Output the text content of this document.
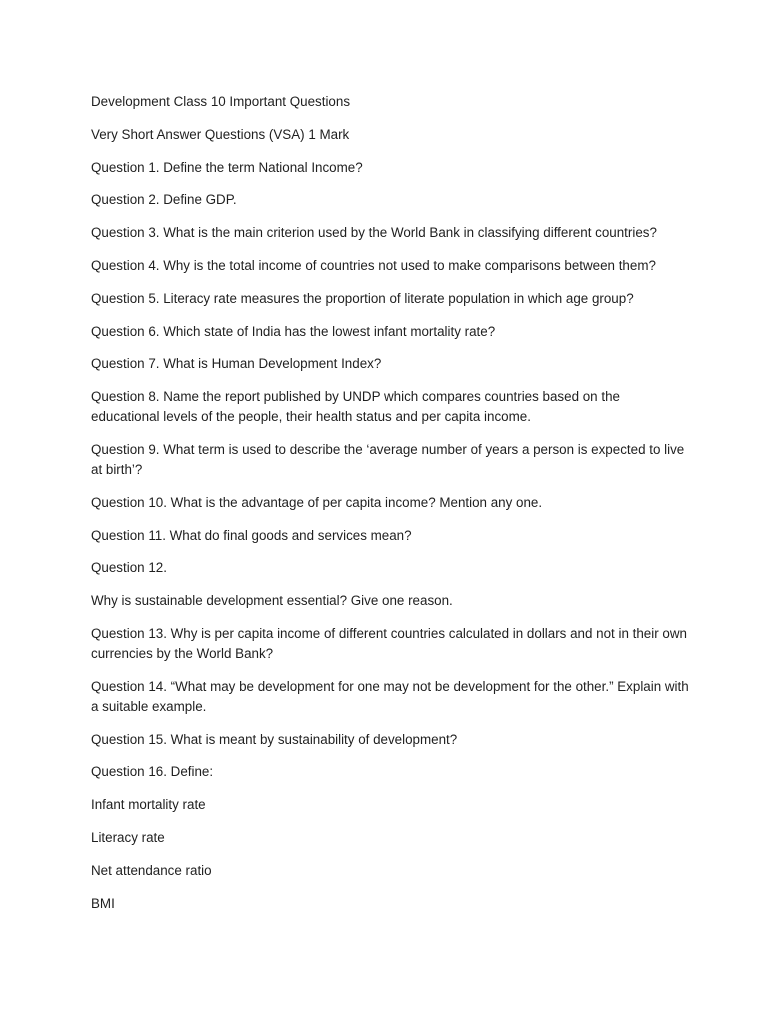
Development Class 10 Important Questions

Very Short Answer Questions (VSA) 1 Mark

Question 1. Define the term National Income?

Question 2. Define GDP.

Question 3. What is the main criterion used by the World Bank in classifying different countries?

Question 4. Why is the total income of countries not used to make comparisons between them?

Question 5. Literacy rate measures the proportion of literate population in which age group?

Question 6. Which state of India has the lowest infant mortality rate?

Question 7. What is Human Development Index?

Question 8. Name the report published by UNDP which compares countries based on the educational levels of the people, their health status and per capita income.

Question 9. What term is used to describe the ‘average number of years a person is expected to live at birth’?

Question 10. What is the advantage of per capita income? Mention any one.

Question 11. What do final goods and services mean?

Question 12.

Why is sustainable development essential? Give one reason.

Question 13. Why is per capita income of different countries calculated in dollars and not in their own currencies by the World Bank?

Question 14. “What may be development for one may not be development for the other.” Explain with a suitable example.

Question 15. What is meant by sustainability of development?

Question 16. Define:

Infant mortality rate

Literacy rate

Net attendance ratio

BMI
